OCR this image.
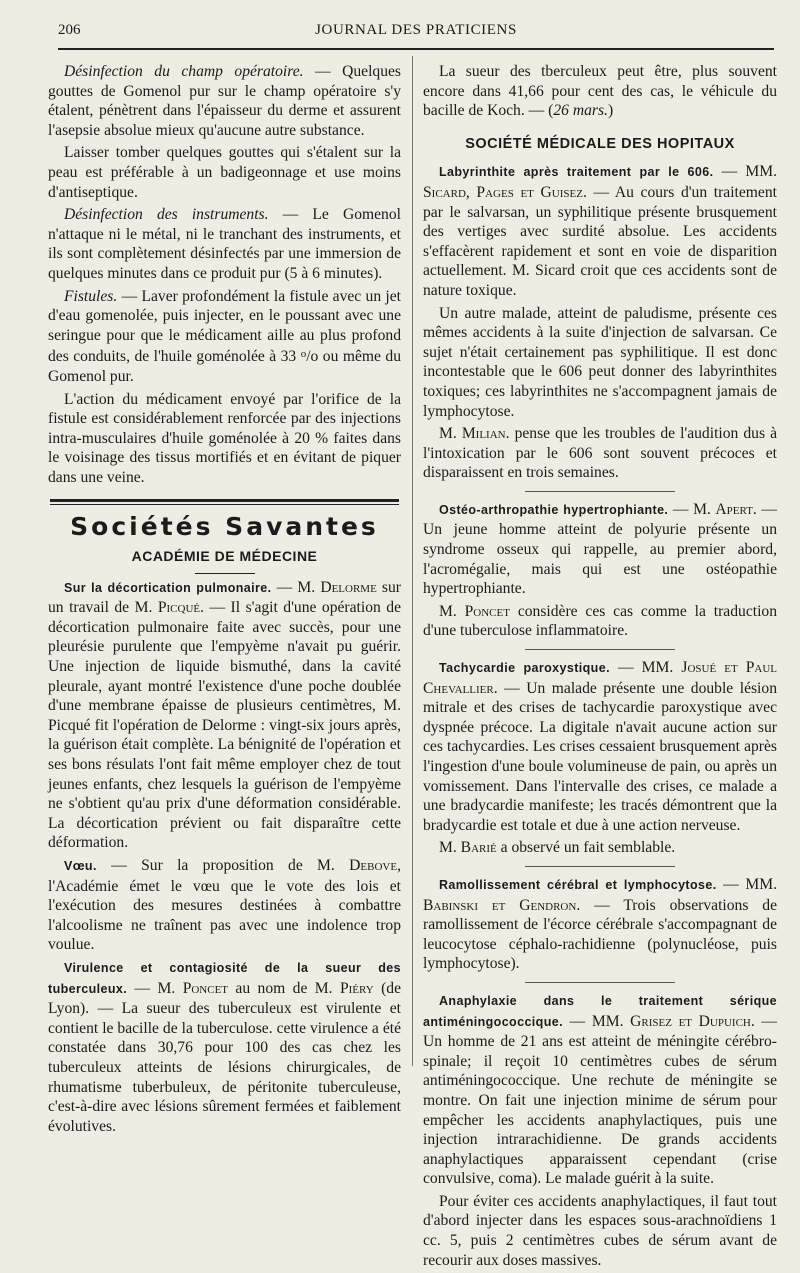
206	JOURNAL DES PRATICIENS

Désinfection du champ opératoire. — Quelques gouttes de Gomenol pur sur le champ opératoire s'y étalent, pénètrent dans l'épaisseur du derme et assurent l'asepsie absolue mieux qu'aucune autre substance.

Laisser tomber quelques gouttes qui s'étalent sur la peau est préférable à un badigeonnage et use moins d'antiseptique.

Désinfection des instruments. — Le Gomenol n'attaque ni le métal, ni le tranchant des instruments, et ils sont complètement désinfectés par une immersion de quelques minutes dans ce produit pur (5 à 6 minutes).

Fistules. — Laver profondément la fistule avec un jet d'eau gomenolée, puis injecter, en le poussant avec une seringue pour que le médicament aille au plus profond des conduits, de l'huile goménolée à 33 $^o$/o ou même du Gomenol pur.

L'action du médicament envoyé par l'orifice de la fistule est considérablement renforcée par des injections intra-musculaires d'huile goménolée à 20 % faites dans le voisinage des tissus mortifiés et en évitant de piquer dans une veine.

Sociétés Savantes
ACADÉMIE DE MÉDECINE

Sur la décortication pulmonaire. — M. Delorme sur un travail de M. Picqué. — Il s'agit d'une opération de décortication pulmonaire faite avec succès, pour une pleurésie purulente que l'empyème n'avait pu guérir. Une injection de liquide bismuthé, dans la cavité pleurale, ayant montré l'existence d'une poche doublée d'une membrane épaisse de plusieurs centimètres, M. Picqué fit l'opération de Delorme : vingt-six jours après, la guérison était complète. La bénignité de l'opération et ses bons résulats l'ont fait même employer chez de tout jeunes enfants, chez lesquels la guérison de l'empyème ne s'obtient qu'au prix d'une déformation considérable. La décortication prévient ou fait disparaître cette déformation.

Vœu. — Sur la proposition de M. Debove, l'Académie émet le vœu que le vote des lois et l'exécution des mesures destinées à combattre l'alcoolisme ne traînent pas avec une indolence trop voulue.

Virulence et contagiosité de la sueur des tuberculeux. — M. Poncet au nom de M. Piéry (de Lyon). — La sueur des tuberculeux est virulente et contient le bacille de la tuberculose. cette virulence a été constatée dans 30,76 pour 100 des cas chez les tuberculeux atteints de lésions chirurgicales, de rhumatisme tuberbuleux, de péritonite tuberculeuse, c'est-à-dire avec lésions sûrement fermées et faiblement évolutives.

La sueur des tberculeux peut être, plus souvent encore dans 41,66 pour cent des cas, le véhicule du bacille de Koch. — (26 mars.)

SOCIÉTÉ MÉDICALE DES HOPITAUX

Labyrinthite après traitement par le 606. — MM. Sicard, Pages et Guisez. — Au cours d'un traitement par le salvarsan, un syphilitique présente brusquement des vertiges avec surdité absolue. Les accidents s'effacèrent rapidement et sont en voie de disparition actuellement. M. Sicard croit que ces accidents sont de nature toxique.

Un autre malade, atteint de paludisme, présente ces mêmes accidents à la suite d'injection de salvarsan. Ce sujet n'était certainement pas syphilitique. Il est donc incontestable que le 606 peut donner des labyrinthites toxiques; ces labyrinthites ne s'accompagnent jamais de lymphocytose.

M. Milian. pense que les troubles de l'audition dus à l'intoxication par le 606 sont souvent précoces et disparaissent en trois semaines.

Ostéo-arthropathie hypertrophiante. — M. Apert. — Un jeune homme atteint de polyurie présente un syndrome osseux qui rappelle, au premier abord, l'acromégalie, mais qui est une ostéopathie hypertrophiante.

M. Poncet considère ces cas comme la traduction d'une tuberculose inflammatoire.

Tachycardie paroxystique. — MM. Josué et Paul Chevallier. — Un malade présente une double lésion mitrale et des crises de tachycardie paroxystique avec dyspnée précoce. La digitale n'avait aucune action sur ces tachycardies. Les crises cessaient brusquement après l'ingestion d'une boule volumineuse de pain, ou après un vomissement. Dans l'intervalle des crises, ce malade a une bradycardie manifeste; les tracés démontrent que la bradycardie est totale et due à une action nerveuse.

M. Barié a observé un fait semblable.

Ramollissement cérébral et lymphocytose. — MM. Babinski et Gendron. — Trois observations de ramollissement de l'écorce cérébrale s'accompagnant de leucocytose céphalo-rachidienne (polynucléose, puis lymphocytose).

Anaphylaxie dans le traitement sérique antiméningococcique. — MM. Grisez et Dupuich. — Un homme de 21 ans est atteint de méningite cérébro-spinale; il reçoit 10 centimètres cubes de sérum antiméningococcique. Une rechute de méningite se montre. On fait une injection minime de sérum pour empêcher les accidents anaphylactiques, puis une injection intrarachidienne. De grands accidents anaphylactiques apparaissent cependant (crise convulsive, coma). Le malade guérit à la suite.

Pour éviter ces accidents anaphylactiques, il faut tout d'abord injecter dans les espaces sous-arachnoïdiens 1 cc. 5, puis 2 centimètres cubes de sérum avant de recourir aux doses massives.
